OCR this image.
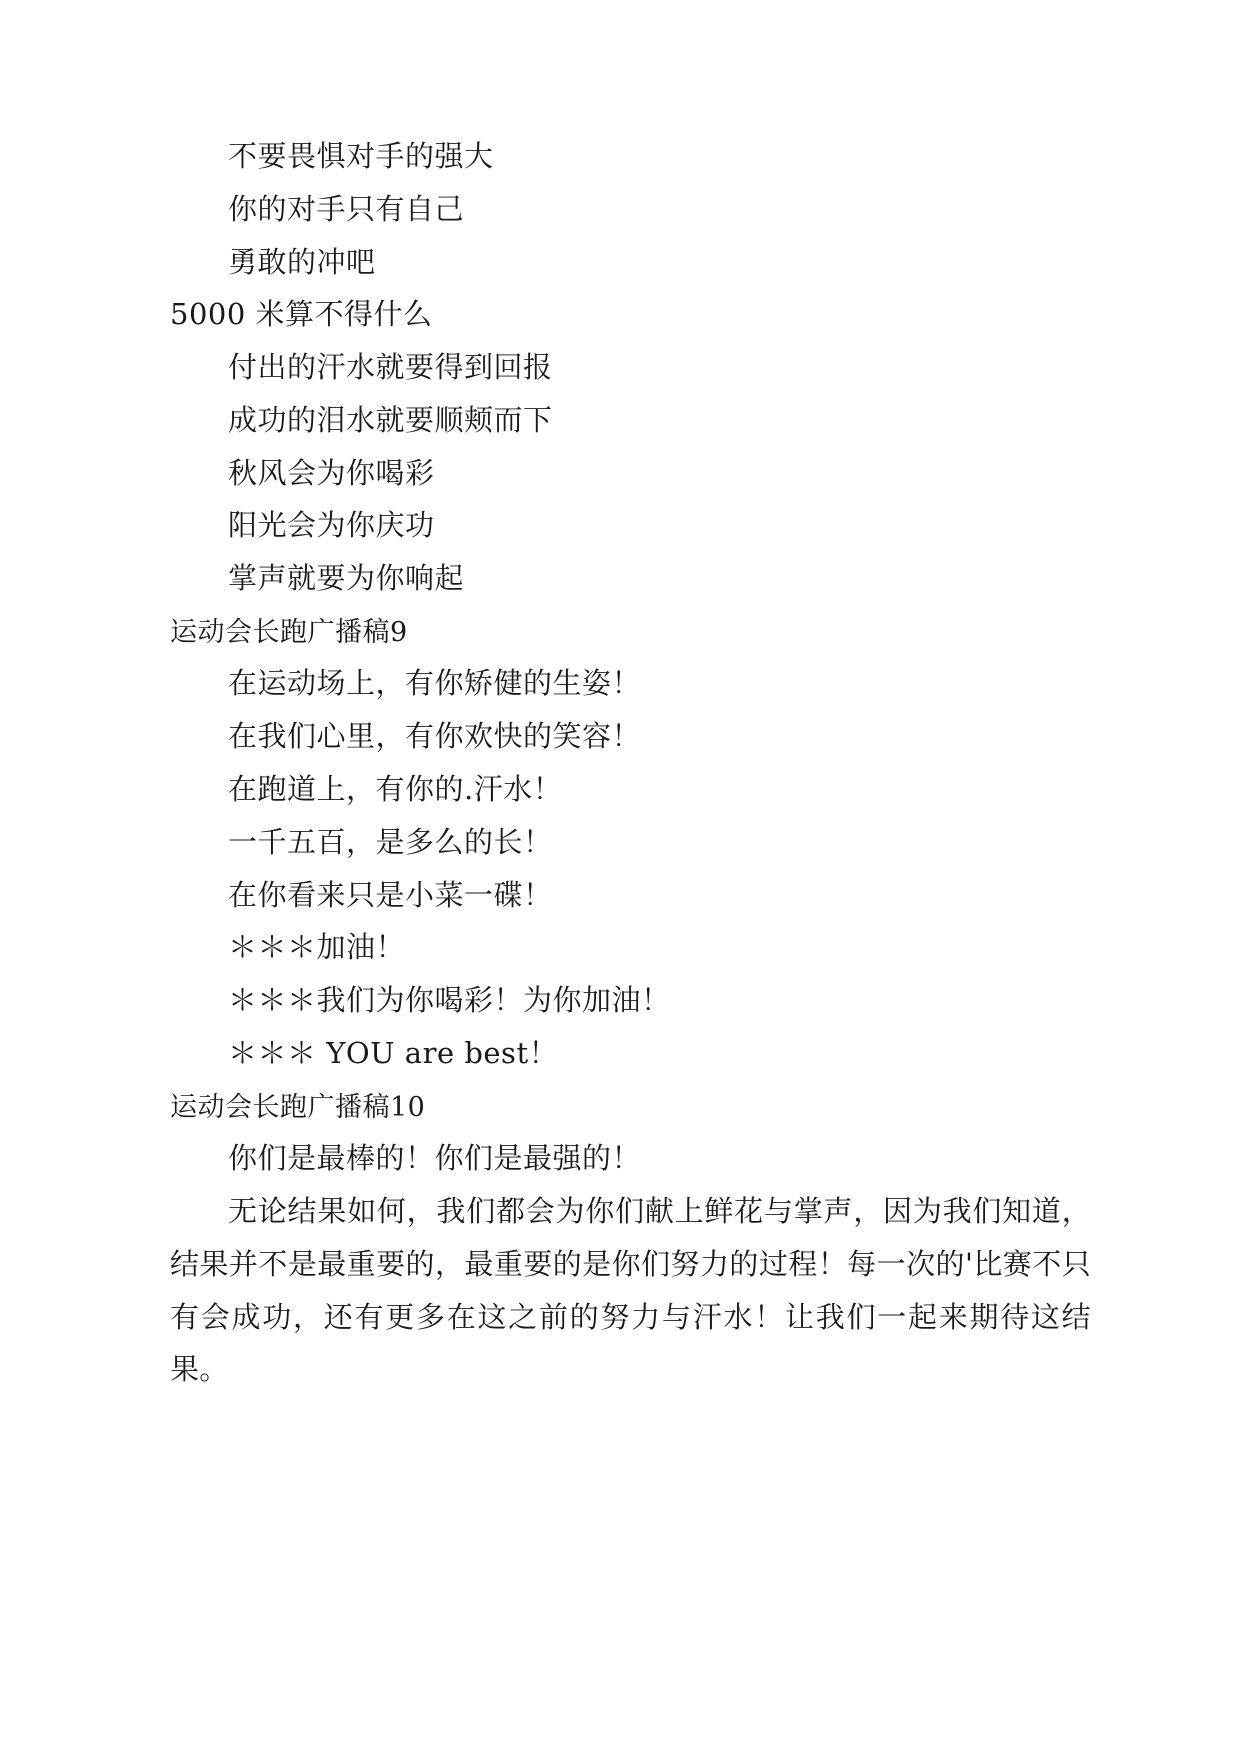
不要畏惧对手的强大
你的对手只有自己
勇敢的冲吧
5000 米算不得什么
付出的汗水就要得到回报
成功的泪水就要顺颊而下
秋风会为你喝彩
阳光会为你庆功
掌声就要为你响起
运动会长跑广播稿9
在运动场上，有你矫健的生姿！
在我们心里，有你欢快的笑容！
在跑道上，有你的.汗水！
一千五百，是多么的长！
在你看来只是小菜一碟！
＊＊＊加油！
＊＊＊我们为你喝彩！为你加油！
＊＊＊ YOU are best！
运动会长跑广播稿10
你们是最棒的！你们是最强的！
无论结果如何，我们都会为你们献上鲜花与掌声，因为我们知道，结果并不是最重要的，最重要的是你们努力的过程！每一次的'比赛不只有会成功，还有更多在这之前的努力与汗水！让我们一起来期待这结果。
